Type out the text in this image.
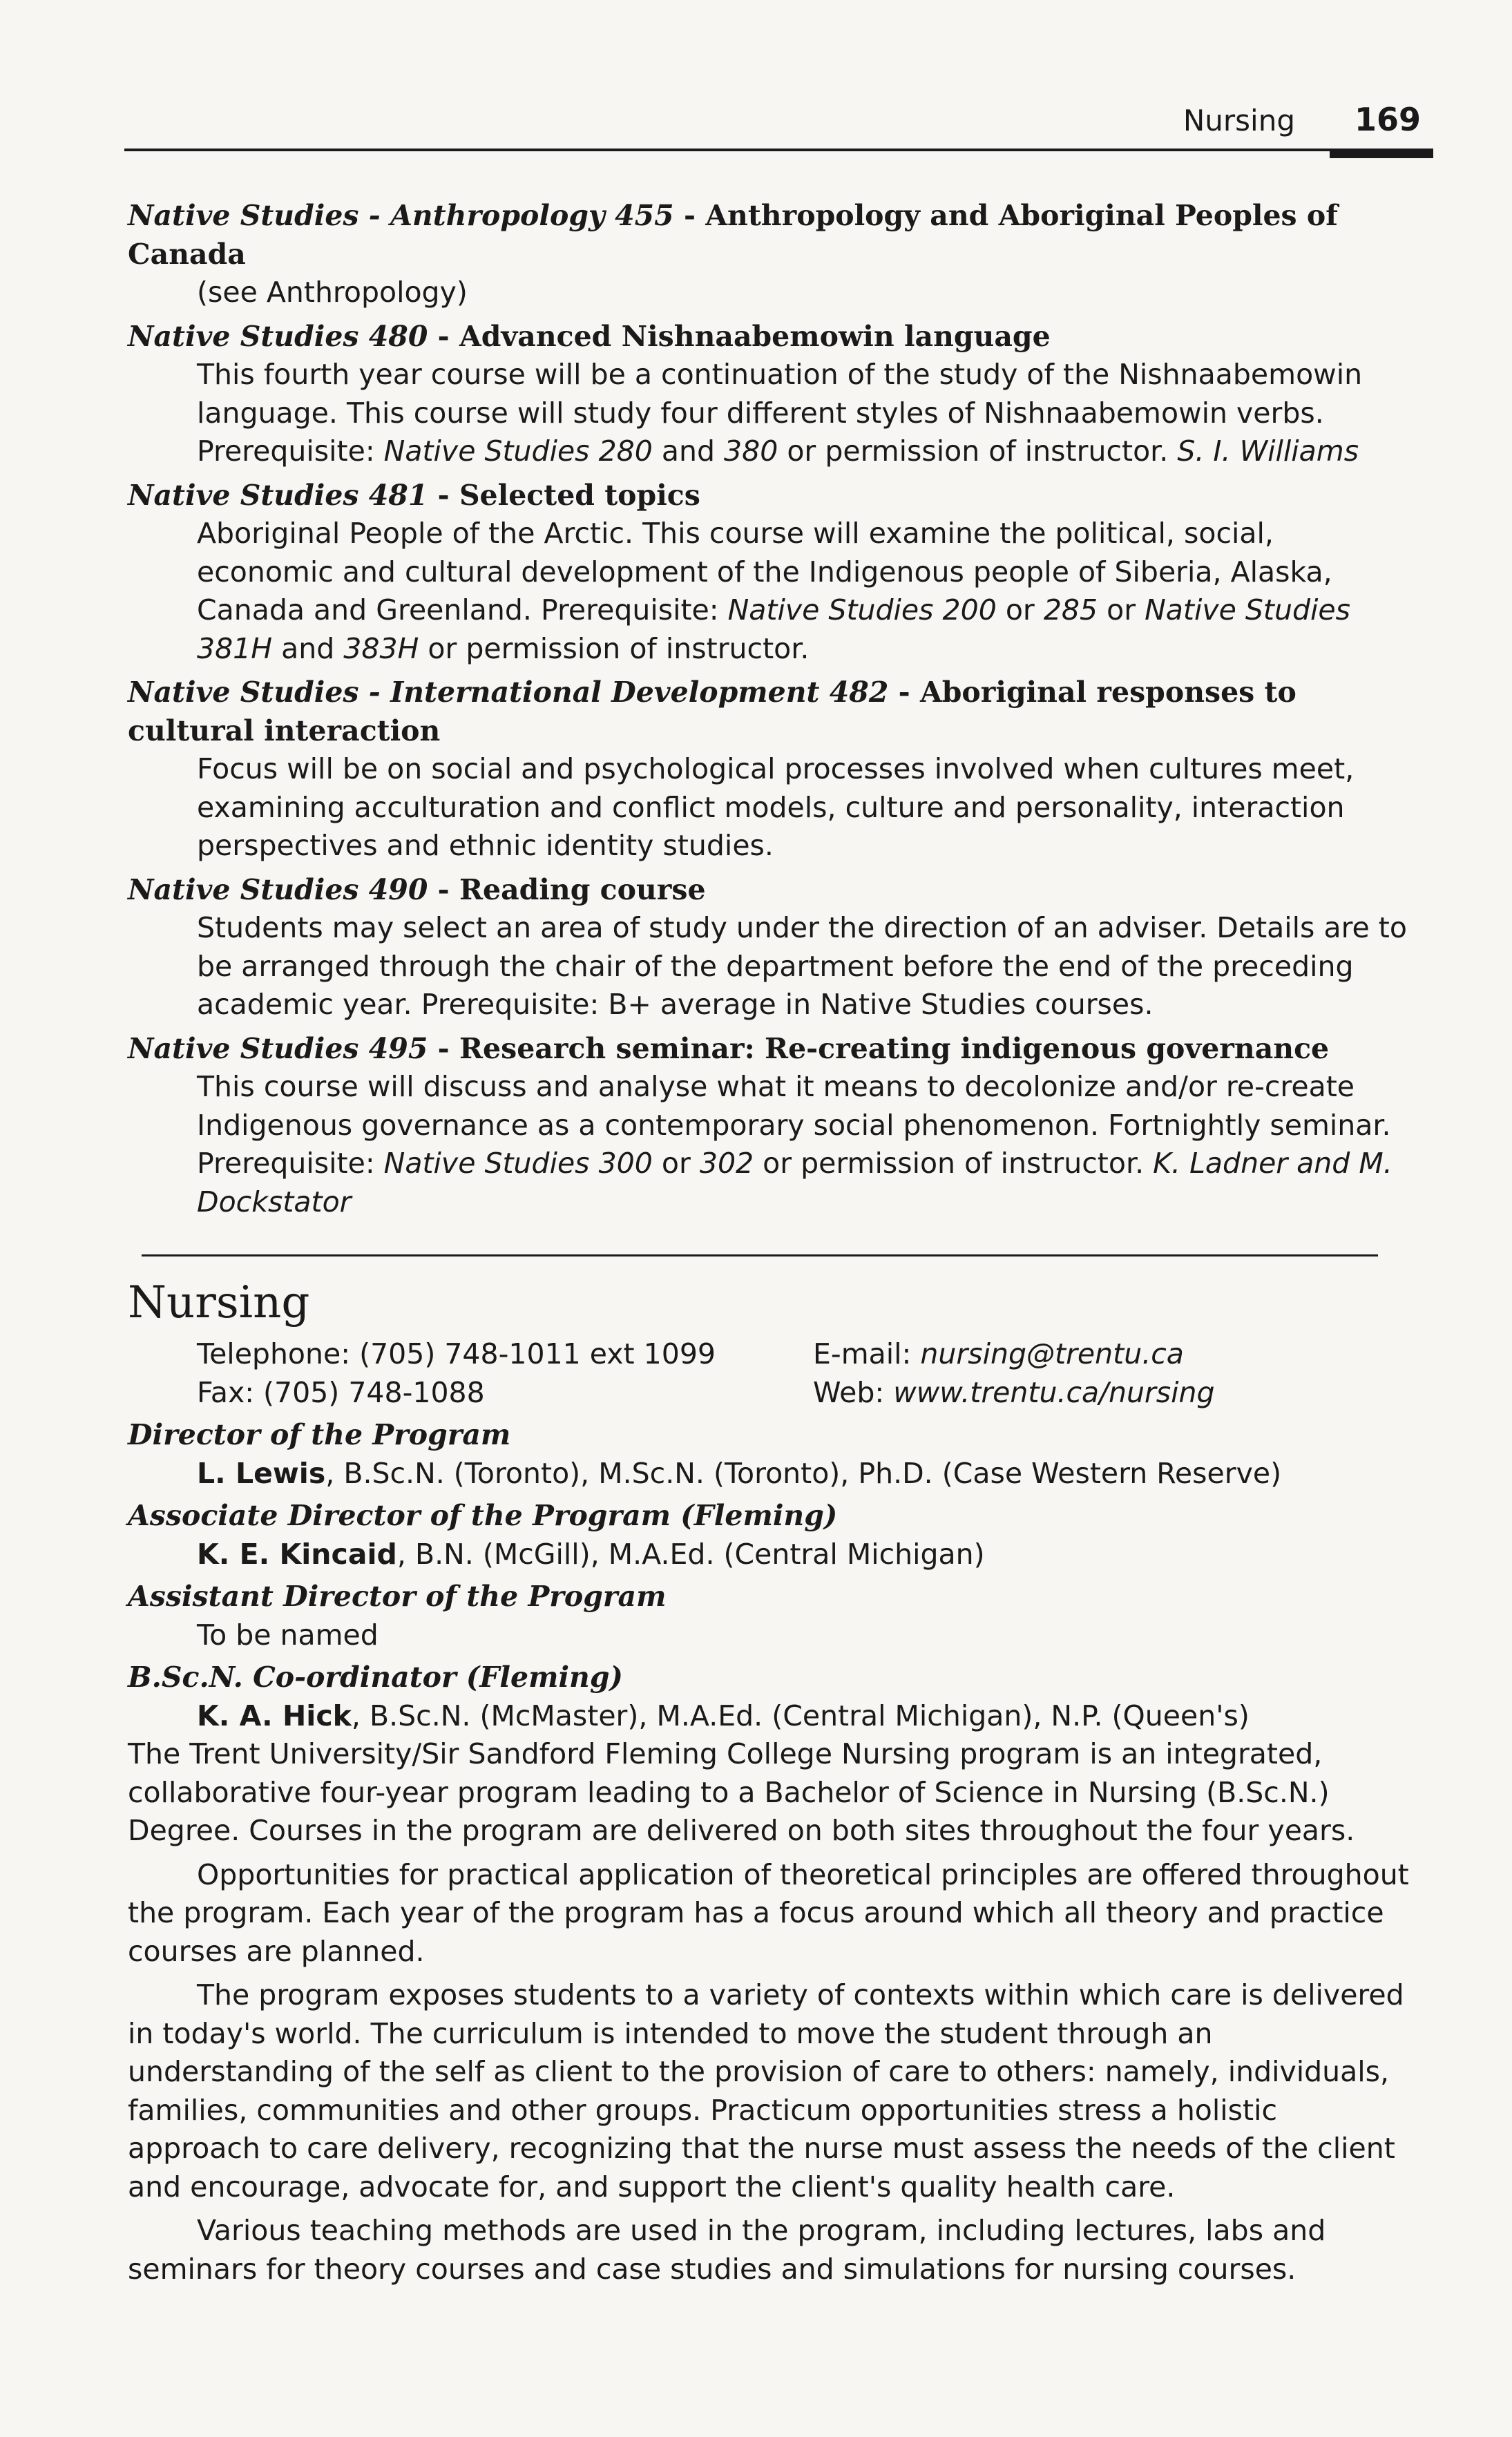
Nursing 169
Native Studies - Anthropology 455 - Anthropology and Aboriginal Peoples of Canada
(see Anthropology)
Native Studies 480 - Advanced Nishnaabemowin language
This fourth year course will be a continuation of the study of the Nishnaabemowin language. This course will study four different styles of Nishnaabemowin verbs. Prerequisite: Native Studies 280 and 380 or permission of instructor. S. I. Williams
Native Studies 481 - Selected topics
Aboriginal People of the Arctic. This course will examine the political, social, economic and cultural development of the Indigenous people of Siberia, Alaska, Canada and Greenland. Prerequisite: Native Studies 200 or 285 or Native Studies 381H and 383H or permission of instructor.
Native Studies - International Development 482 - Aboriginal responses to cultural interaction
Focus will be on social and psychological processes involved when cultures meet, examining acculturation and conflict models, culture and personality, interaction perspectives and ethnic identity studies.
Native Studies 490 - Reading course
Students may select an area of study under the direction of an adviser. Details are to be arranged through the chair of the department before the end of the preceding academic year. Prerequisite: B+ average in Native Studies courses.
Native Studies 495 - Research seminar: Re-creating indigenous governance
This course will discuss and analyse what it means to decolonize and/or re-create Indigenous governance as a contemporary social phenomenon. Fortnightly seminar. Prerequisite: Native Studies 300 or 302 or permission of instructor. K. Ladner and M. Dockstator
Nursing
Telephone: (705) 748-1011 ext 1099	E-mail: nursing@trentu.ca
Fax: (705) 748-1088	Web: www.trentu.ca/nursing
Director of the Program
L. Lewis, B.Sc.N. (Toronto), M.Sc.N. (Toronto), Ph.D. (Case Western Reserve)
Associate Director of the Program (Fleming)
K. E. Kincaid, B.N. (McGill), M.A.Ed. (Central Michigan)
Assistant Director of the Program
To be named
B.Sc.N. Co-ordinator (Fleming)
K. A. Hick, B.Sc.N. (McMaster), M.A.Ed. (Central Michigan), N.P. (Queen's)

The Trent University/Sir Sandford Fleming College Nursing program is an integrated, collaborative four-year program leading to a Bachelor of Science in Nursing (B.Sc.N.) Degree. Courses in the program are delivered on both sites throughout the four years.

Opportunities for practical application of theoretical principles are offered throughout the program. Each year of the program has a focus around which all theory and practice courses are planned.

The program exposes students to a variety of contexts within which care is delivered in today's world. The curriculum is intended to move the student through an understanding of the self as client to the provision of care to others: namely, individuals, families, communities and other groups. Practicum opportunities stress a holistic approach to care delivery, recognizing that the nurse must assess the needs of the client and encourage, advocate for, and support the client's quality health care.

Various teaching methods are used in the program, including lectures, labs and seminars for theory courses and case studies and simulations for nursing courses.
